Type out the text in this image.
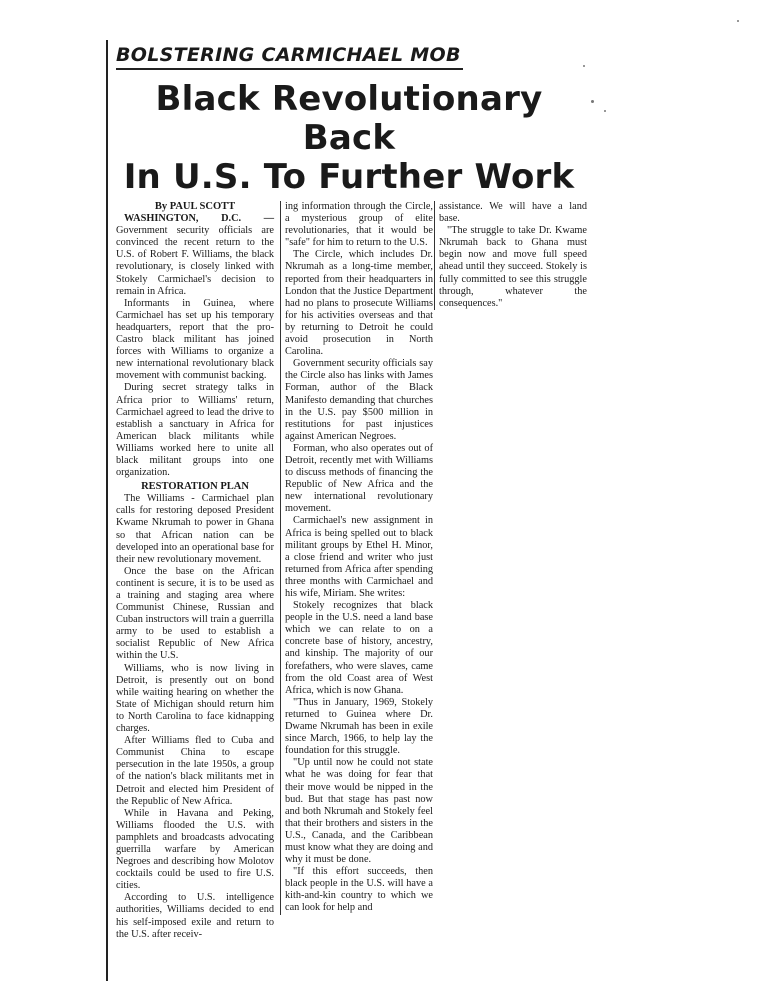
BOLSTERING CARMICHAEL MOB
Black Revolutionary Back
In U.S. To Further Work
By PAUL SCOTT

WASHINGTON, D.C. — Government security officials are convinced the recent return to the U.S. of Robert F. Williams, the black revolutionary, is closely linked with Stokely Carmichael's decision to remain in Africa.

Informants in Guinea, where Carmichael has set up his temporary headquarters, report that the pro-Castro black militant has joined forces with Williams to organize a new international revolutionary black movement with communist backing.

During secret strategy talks in Africa prior to Williams' return, Carmichael agreed to lead the drive to establish a sanctuary in Africa for American black militants while Williams worked here to unite all black militant groups into one organization.

RESTORATION PLAN

The Williams - Carmichael plan calls for restoring deposed President Kwame Nkrumah to power in Ghana so that African nation can be developed into an operational base for their new revolutionary movement.

Once the base on the African continent is secure, it is to be used as a training and staging area where Communist Chinese, Russian and Cuban instructors will train a guerrilla army to be used to establish a socialist Republic of New Africa within the U.S.

Williams, who is now living in Detroit, is presently out on bond while waiting hearing on whether the State of Michigan should return him to North Carolina to face kidnapping charges.

After Williams fled to Cuba and Communist China to escape persecution in the late 1950s, a group of the nation's black militants met in Detroit and elected him President of the Republic of New Africa.

While in Havana and Peking, Williams flooded the U.S. with pamphlets and broadcasts advocating guerrilla warfare by American Negroes and describing how Molotov cocktails could be used to fire U.S. cities.

According to U.S. intelligence authorities, Williams decided to end his self-imposed exile and return to the U.S. after receiv-

ing information through the Circle, a mysterious group of elite revolutionaries, that it would be "safe" for him to return to the U.S.

The Circle, which includes Dr. Nkrumah as a long-time member, reported from their headquarters in London that the Justice Department had no plans to prosecute Williams for his activities overseas and that by returning to Detroit he could avoid prosecution in North Carolina.

Government security officials say the Circle also has links with James Forman, author of the Black Manifesto demanding that churches in the U.S. pay $500 million in restitutions for past injustices against American Negroes.

Forman, who also operates out of Detroit, recently met with Williams to discuss methods of financing the Republic of New Africa and the new international revolutionary movement.

Carmichael's new assignment in Africa is being spelled out to black militant groups by Ethel H. Minor, a close friend and writer who just returned from Africa after spending three months with Carmichael and his wife, Miriam. She writes:

Stokely recognizes that black people in the U.S. need a land base which we can relate to on a concrete base of history, ancestry, and kinship. The majority of our forefathers, who were slaves, came from the old Coast area of West Africa, which is now Ghana.

"Thus in January, 1969, Stokely returned to Guinea where Dr. Dwame Nkrumah has been in exile since March, 1966, to help lay the foundation for this struggle.

"Up until now he could not state what he was doing for fear that their move would be nipped in the bud. But that stage has past now and both Nkrumah and Stokely feel that their brothers and sisters in the U.S., Canada, and the Caribbean must know what they are doing and why it must be done.

"If this effort succeeds, then black people in the U.S. will have a kith-and-kin country to which we can look for help and

assistance. We will have a land base.

"The struggle to take Dr. Kwame Nkrumah back to Ghana must begin now and move full speed ahead until they succeed. Stokely is fully committed to see this struggle through, whatever the consequences."
